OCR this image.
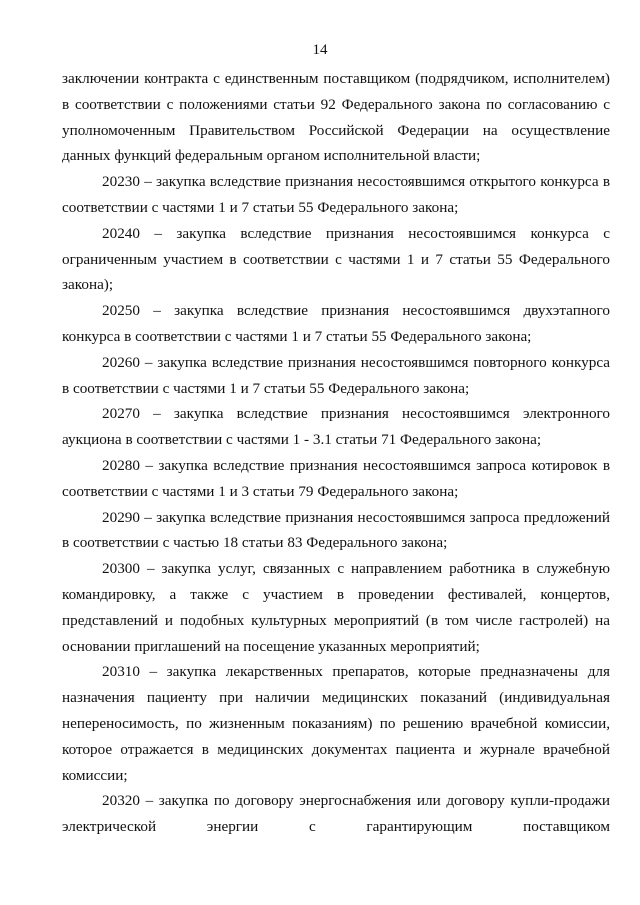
14

заключении контракта с единственным поставщиком (подрядчиком, исполнителем) в соответствии с положениями статьи 92 Федерального закона по согласованию с уполномоченным Правительством Российской Федерации на осуществление данных функций федеральным органом исполнительной власти;

20230 – закупка вследствие признания несостоявшимся открытого конкурса в соответствии с частями 1 и 7 статьи 55 Федерального закона;

20240 – закупка вследствие признания несостоявшимся конкурса с ограниченным участием в соответствии с частями 1 и 7 статьи 55 Федерального закона);

20250 – закупка вследствие признания несостоявшимся двухэтапного конкурса в соответствии с частями 1 и 7 статьи 55 Федерального закона;

20260 – закупка вследствие признания несостоявшимся повторного конкурса в соответствии с частями 1 и 7 статьи 55 Федерального закона;

20270 – закупка вследствие признания несостоявшимся электронного аукциона в соответствии с частями 1 - 3.1 статьи 71 Федерального закона;

20280 – закупка вследствие признания несостоявшимся запроса котировок в соответствии с частями 1 и 3 статьи 79 Федерального закона;

20290 – закупка вследствие признания несостоявшимся запроса предложений в соответствии с частью 18 статьи 83 Федерального закона;

20300 – закупка услуг, связанных с направлением работника в служебную командировку, а также с участием в проведении фестивалей, концертов, представлений и подобных культурных мероприятий (в том числе гастролей) на основании приглашений на посещение указанных мероприятий;

20310 – закупка лекарственных препаратов, которые предназначены для назначения пациенту при наличии медицинских показаний (индивидуальная непереносимость, по жизненным показаниям) по решению врачебной комиссии, которое отражается в медицинских документах пациента и журнале врачебной комиссии;

20320 – закупка по договору энергоснабжения или договору купли-продажи электрической энергии с гарантирующим поставщиком
